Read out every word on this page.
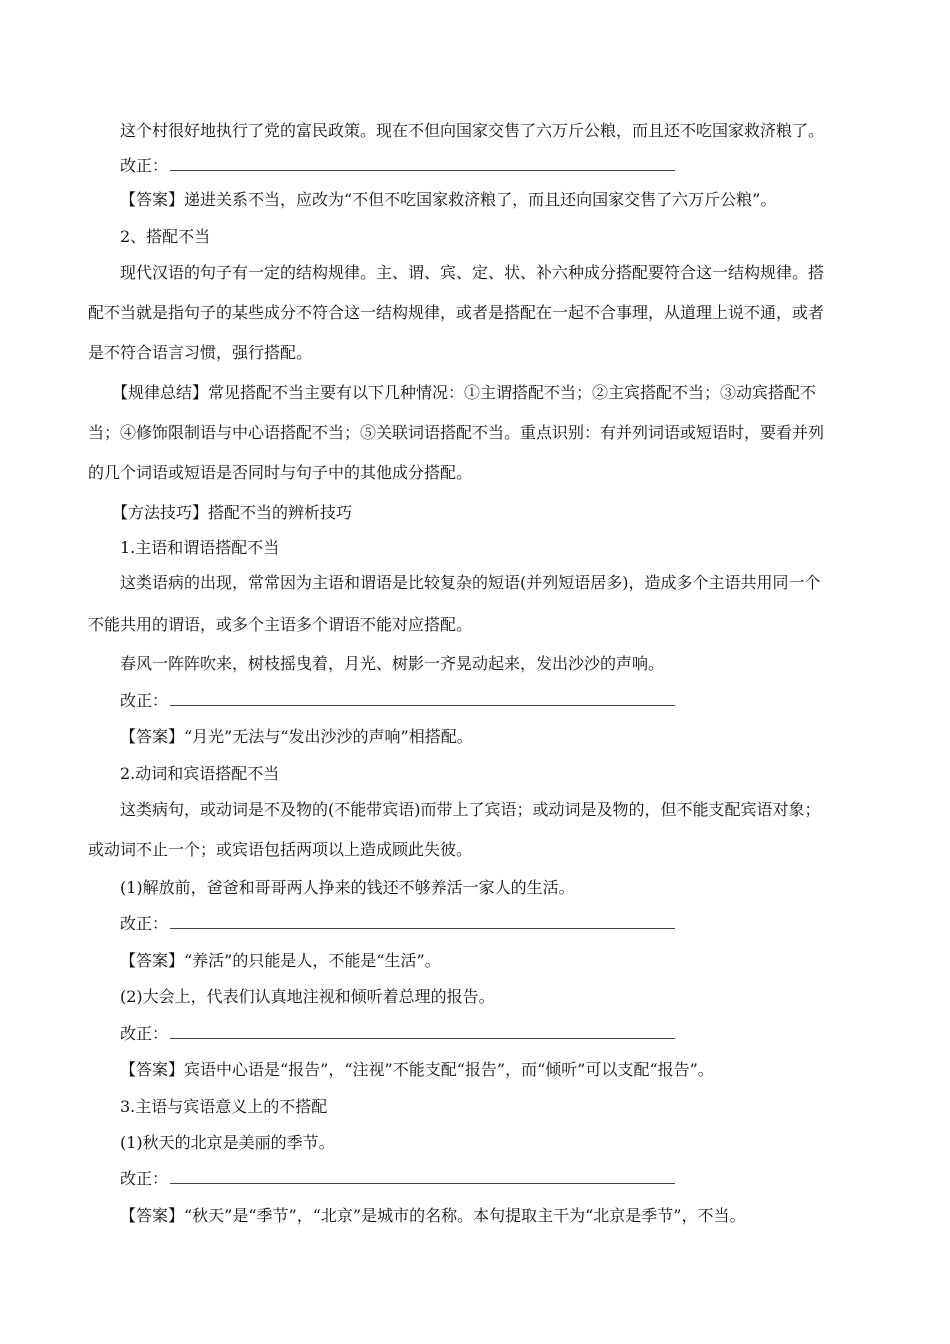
这个村很好地执行了党的富民政策。现在不但向国家交售了六万斤公粮，而且还不吃国家救济粮了。
改正：
【答案】递进关系不当，应改为“不但不吃国家救济粮了，而且还向国家交售了六万斤公粮”。
2、搭配不当
现代汉语的句子有一定的结构规律。主、谓、宾、定、状、补六种成分搭配要符合这一结构规律。搭
配不当就是指句子的某些成分不符合这一结构规律，或者是搭配在一起不合事理，从道理上说不通，或者
是不符合语言习惯，强行搭配。
【规律总结】常见搭配不当主要有以下几种情况：①主谓搭配不当；②主宾搭配不当；③动宾搭配不
当；④修饰限制语与中心语搭配不当；⑤关联词语搭配不当。重点识别：有并列词语或短语时，要看并列
的几个词语或短语是否同时与句子中的其他成分搭配。
【方法技巧】搭配不当的辨析技巧
1.主语和谓语搭配不当
这类语病的出现，常常因为主语和谓语是比较复杂的短语(并列短语居多)，造成多个主语共用同一个
不能共用的谓语，或多个主语多个谓语不能对应搭配。
春风一阵阵吹来，树枝摇曳着，月光、树影一齐晃动起来，发出沙沙的声响。
改正：
【答案】“月光”无法与“发出沙沙的声响”相搭配。
2.动词和宾语搭配不当
这类病句，或动词是不及物的(不能带宾语)而带上了宾语；或动词是及物的，但不能支配宾语对象；
或动词不止一个；或宾语包括两项以上造成顾此失彼。
(1)解放前，爸爸和哥哥两人挣来的钱还不够养活一家人的生活。
改正：
【答案】“养活”的只能是人，不能是“生活”。
(2)大会上，代表们认真地注视和倾听着总理的报告。
改正：
【答案】宾语中心语是“报告”，“注视”不能支配“报告”，而“倾听”可以支配“报告”。
3.主语与宾语意义上的不搭配
(1)秋天的北京是美丽的季节。
改正：
【答案】“秋天”是“季节”，“北京”是城市的名称。本句提取主干为“北京是季节”，不当。
